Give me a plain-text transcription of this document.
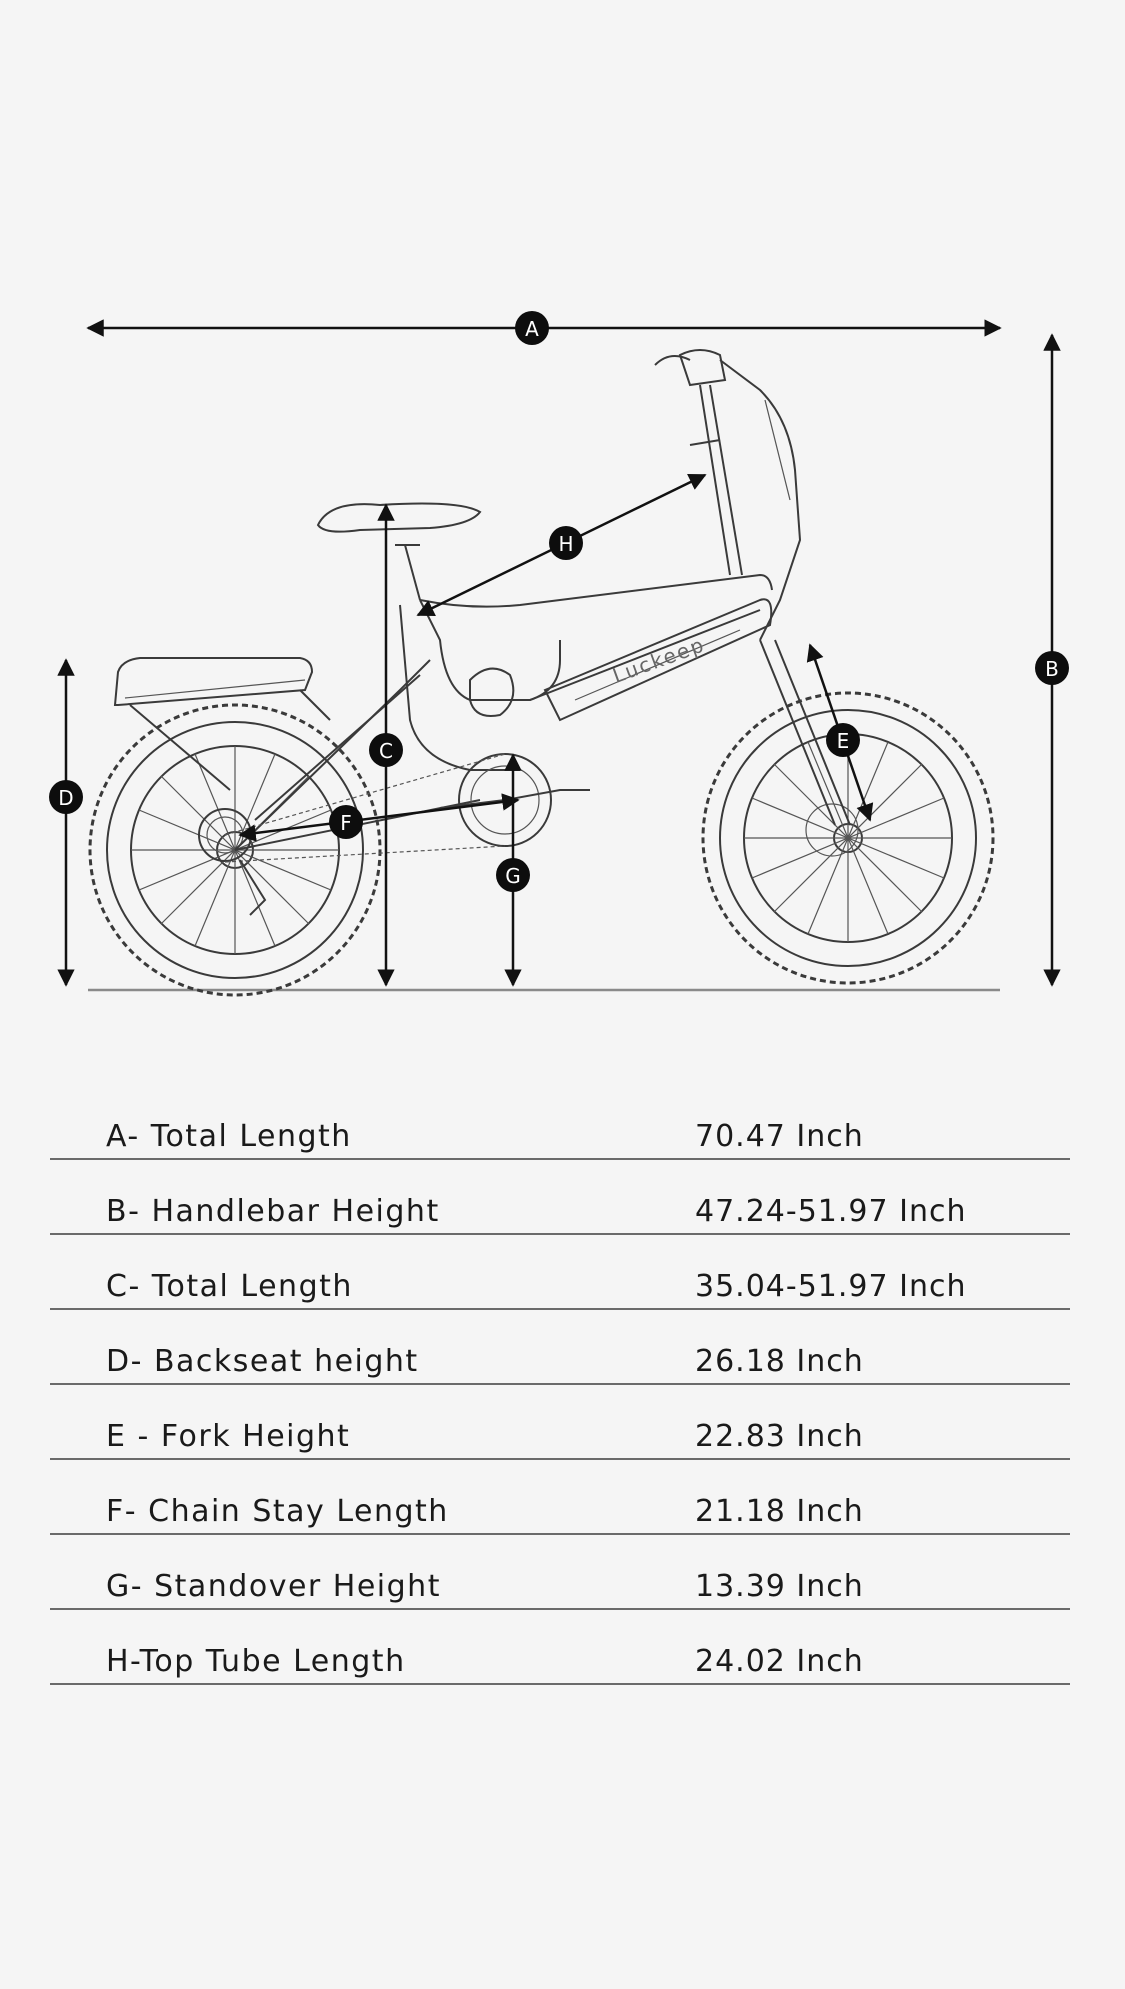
Luckeep
A
B
C
D
E
F
G
H
A- Total Length	70.47 Inch
B- Handlebar Height	47.24-51.97 Inch
C- Total Length	35.04-51.97 Inch
D- Backseat height	26.18 Inch
E - Fork Height	22.83 Inch
F- Chain Stay Length	21.18 Inch
G- Standover Height	13.39 Inch
H-Top Tube Length	24.02 Inch
